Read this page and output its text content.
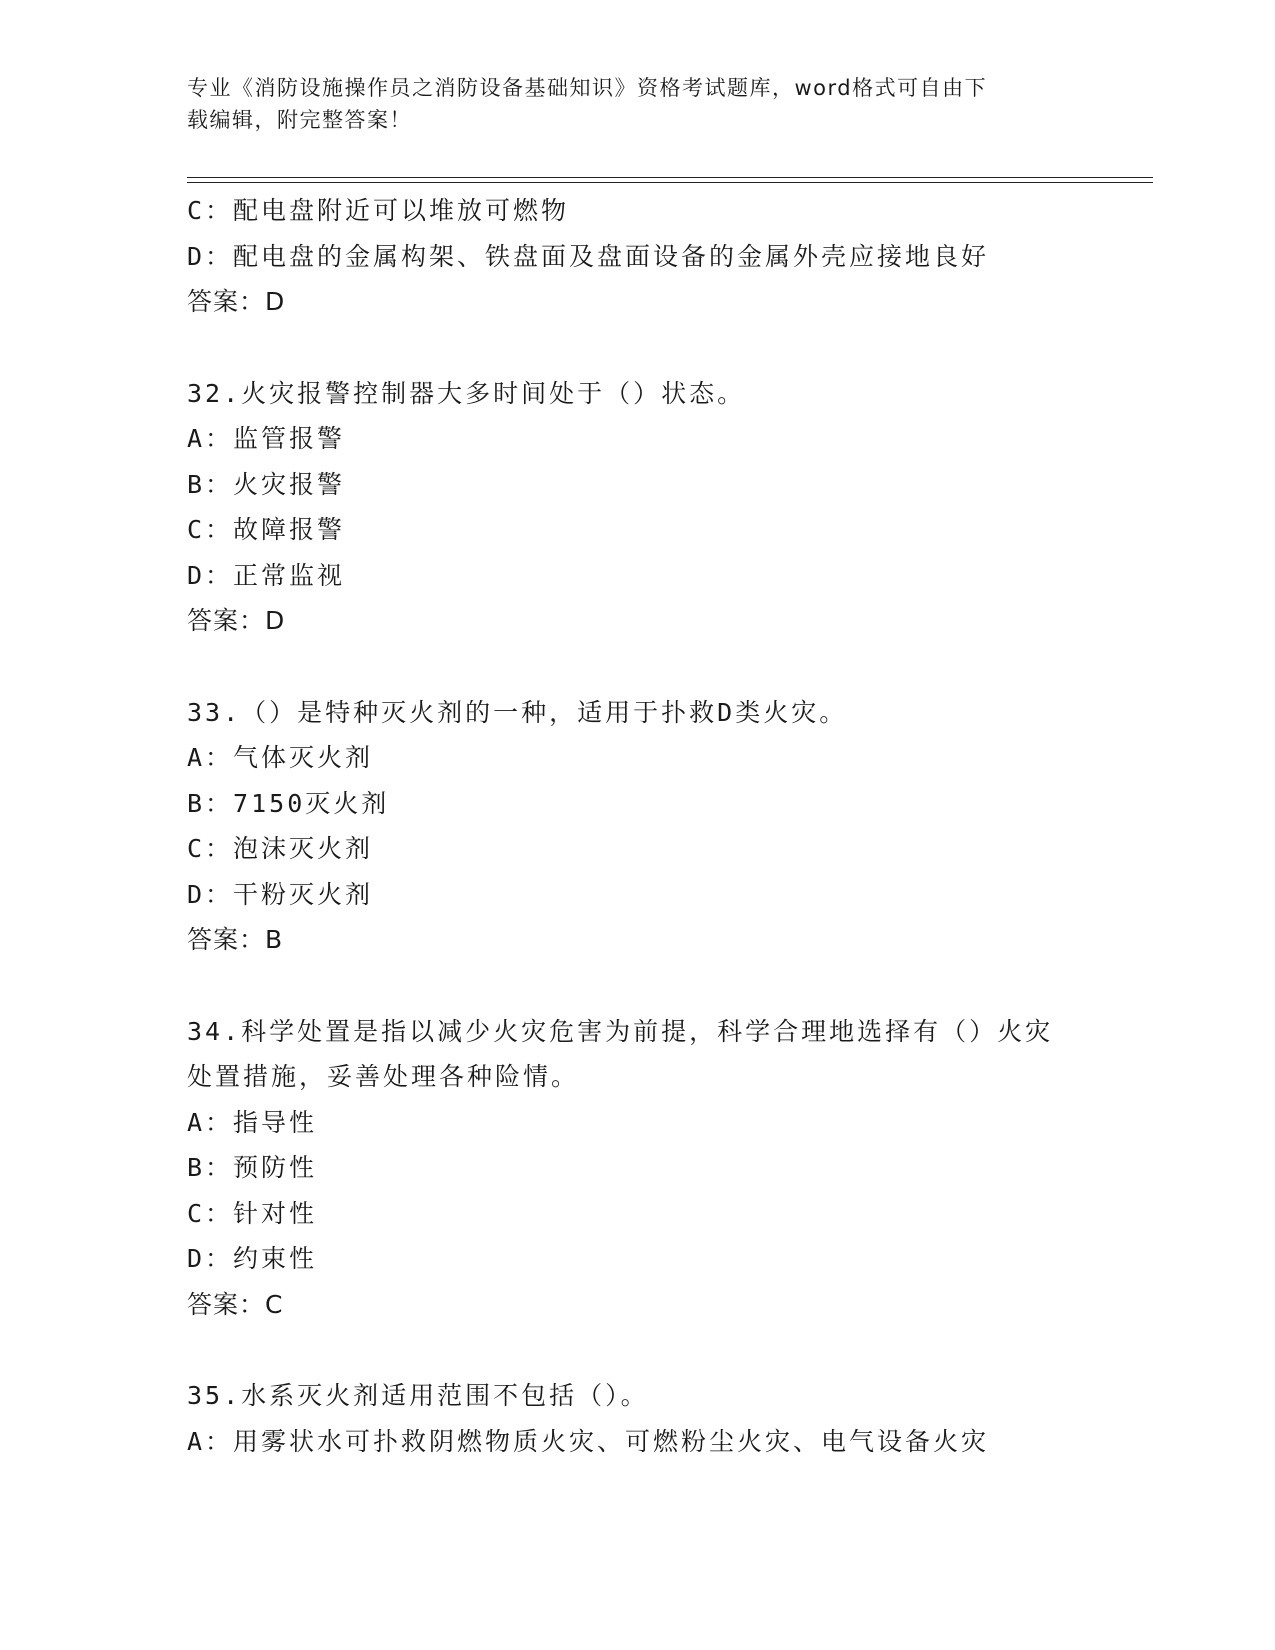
专业《消防设施操作员之消防设备基础知识》资格考试题库，word格式可自由下
载编辑，附完整答案！
C：配电盘附近可以堆放可燃物
D：配电盘的金属构架、铁盘面及盘面设备的金属外壳应接地良好
答案：D
32.火灾报警控制器大多时间处于（）状态。
A：监管报警
B：火灾报警
C：故障报警
D：正常监视
答案：D
33.（）是特种灭火剂的一种，适用于扑救D类火灾。
A：气体灭火剂
B：7150灭火剂
C：泡沫灭火剂
D：干粉灭火剂
答案：B
34.科学处置是指以减少火灾危害为前提，科学合理地选择有（）火灾
处置措施，妥善处理各种险情。
A：指导性
B：预防性
C：针对性
D：约束性
答案：C
35.水系灭火剂适用范围不包括（）。
A：用雾状水可扑救阴燃物质火灾、可燃粉尘火灾、电气设备火灾
